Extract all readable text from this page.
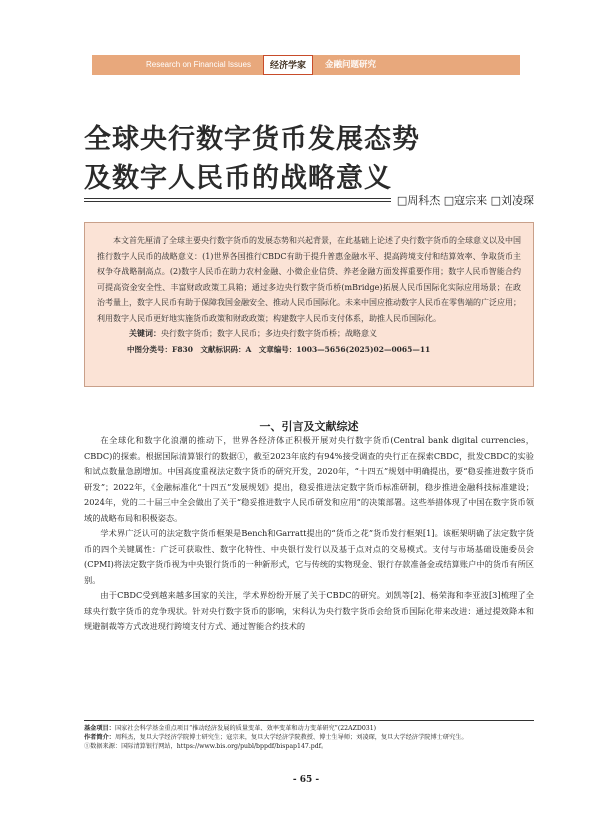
Research on Financial Issues	经济学家	金融问题研究
全球央行数字货币发展态势
及数字人民币的战略意义
□周科杰 □寇宗来 □刘凌琛

本文首先厘清了全球主要央行数字货币的发展态势和兴起背景，在此基础上论述了央行数字货币的全球意义以及中国推行数字人民币的战略意义：(1)世界各国推行CBDC有助于提升普惠金融水平、提高跨境支付和结算效率、争取货币主权争夺战略制高点。(2)数字人民币在助力农村金融、小微企业信贷、养老金融方面发挥重要作用；数字人民币智能合约可提高资金安全性、丰富财政政策工具箱；通过多边央行数字货币桥(mBridge)拓展人民币国际化实际应用场景；在政治考量上，数字人民币有助于保障我国金融安全、推动人民币国际化。未来中国应推动数字人民币在零售端的广泛应用；利用数字人民币更好地实施货币政策和财政政策；构建数字人民币支付体系，助推人民币国际化。

关键词：央行数字货币；数字人民币；多边央行数字货币桥；战略意义

中图分类号：F830　文献标识码：A　文章编号：1003—5656(2025)02—0065—11

一、引言及文献综述

在全球化和数字化浪潮的推动下，世界各经济体正积极开展对央行数字货币(Central bank digital currencies，CBDC)的探索。根据国际清算银行的数据①，截至2023年底约有94%接受调查的央行正在探索CBDC，批发CBDC的实验和试点数量急剧增加。中国高度重视法定数字货币的研究开发，2020年，“十四五”规划中明确提出，要“稳妥推进数字货币研发”；2022年，《金融标准化“十四五”发展规划》提出，稳妥推进法定数字货币标准研制，稳步推进金融科技标准建设；2024年，党的二十届三中全会做出了关于“稳妥推进数字人民币研发和应用”的决策部署。这些举措体现了中国在数字货币领域的战略布局和积极姿态。

学术界广泛认可的法定数字货币框架是Bench和Garratt提出的“货币之花”货币发行框架[1]。该框架明确了法定数字货币的四个关键属性：广泛可获取性、数字化特性、中央银行发行以及基于点对点的交易模式。支付与市场基础设施委员会(CPMI)将法定数字货币视为中央银行货币的一种新形式，它与传统的实物现金、银行存款准备金或结算账户中的货币有所区别。

由于CBDC受到越来越多国家的关注，学术界纷纷开展了关于CBDC的研究。刘凯等[2]、杨荣海和李亚波[3]梳理了全球央行数字货币的竞争现状。针对央行数字货币的影响，宋科认为央行数字货币会给货币国际化带来改进：通过提效降本和规避制裁等方式改进现行跨境支付方式、通过智能合约技术的

基金项目：国家社会科学基金重点项目“推动经济发展的质量变革、效率变革和动力变革研究”(22AZD031)

作者简介：周科杰，复旦大学经济学院博士研究生；寇宗来，复旦大学经济学院教授、博士生导师；刘凌琛，复旦大学经济学院博士研究生。

①数据来源：国际清算银行网站，https://www.bis.org/publ/bppdf/bispap147.pdf。

- 65 -
